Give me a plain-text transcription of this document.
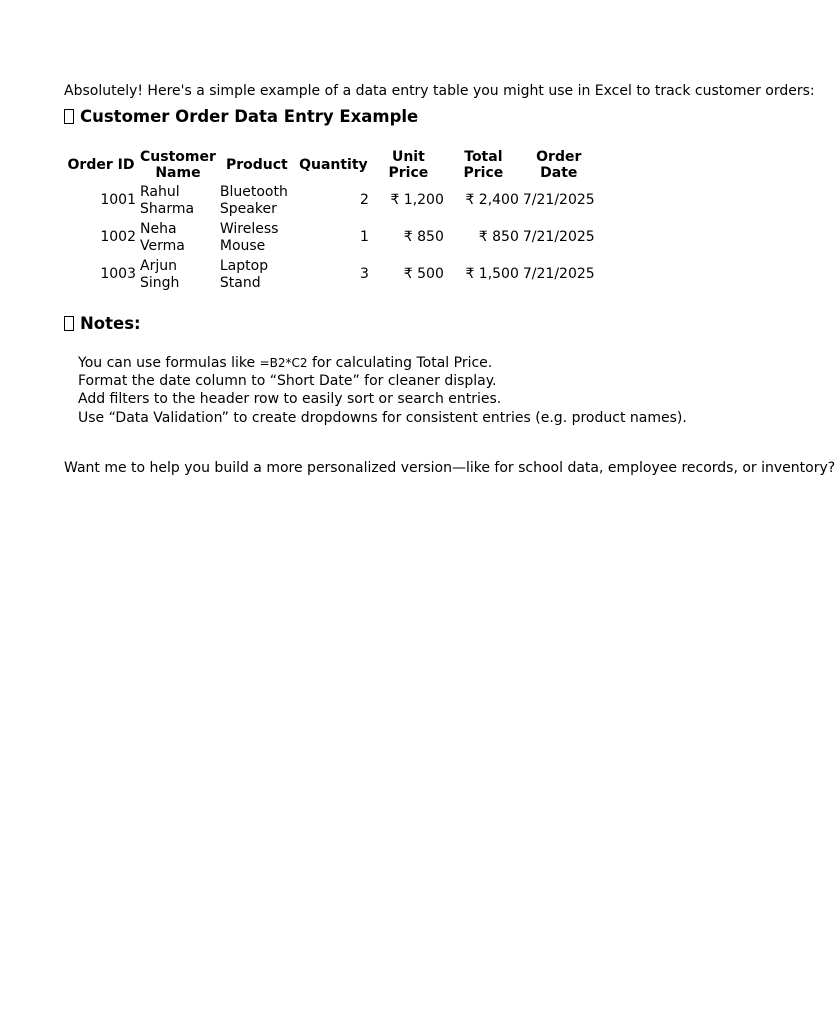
Absolutely! Here's a simple example of a data entry table you might use in Excel to track customer orders:

Customer Order Data Entry Example
Order ID	Customer Name	Product	Quantity	Unit Price	Total Price	Order Date
1001	Rahul Sharma	Bluetooth Speaker	2	₹ 1,200	₹ 2,400	7/21/2025
1002	Neha Verma	Wireless Mouse	1	₹ 850	₹ 850	7/21/2025
1003	Arjun Singh	Laptop Stand	3	₹ 500	₹ 1,500	7/21/2025
Notes:
You can use formulas like =B2*C2 for calculating Total Price.
Format the date column to “Short Date” for cleaner display.
Add filters to the header row to easily sort or search entries.
Use “Data Validation” to create dropdowns for consistent entries (e.g. product names).

Want me to help you build a more personalized version—like for school data, employee records, or inventory?
